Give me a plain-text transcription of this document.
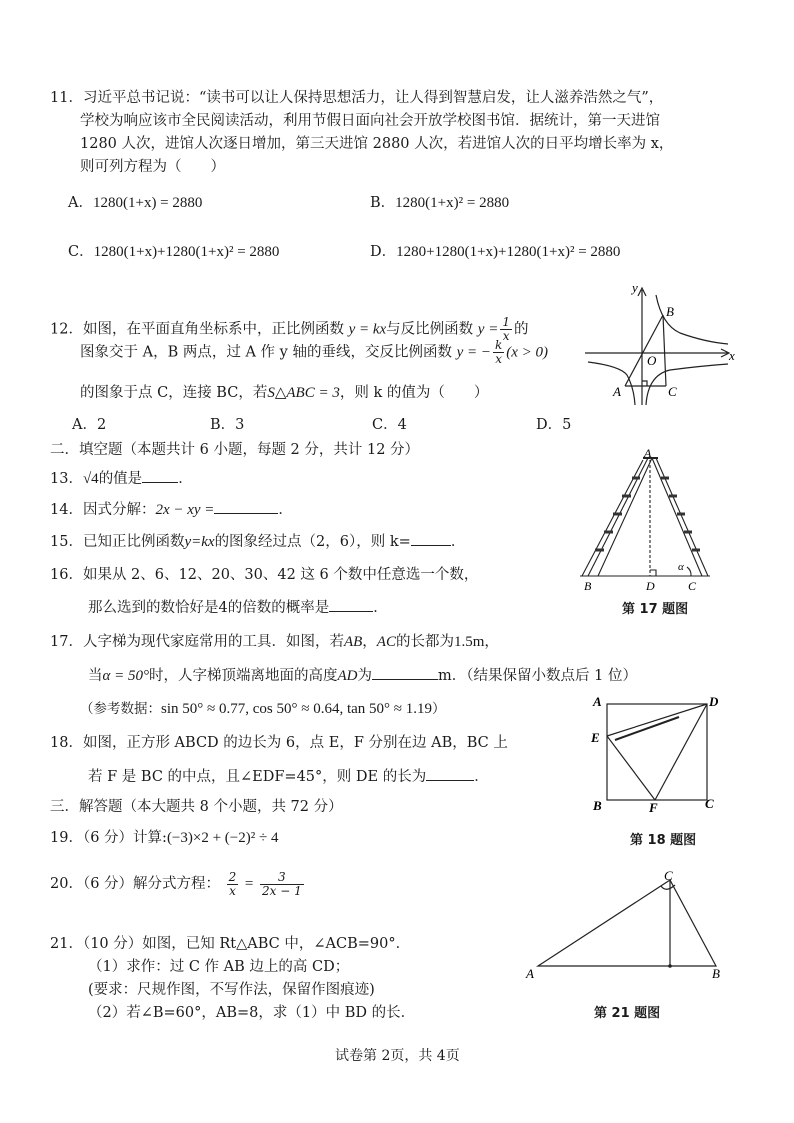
11．习近平总书记说：“读书可以让人保持思想活力，让人得到智慧启发，让人滋养浩然之气”，
学校为响应该市全民阅读活动，利用节假日面向社会开放学校图书馆．据统计，第一天进馆
1280 人次，进馆人次逐日增加，第三天进馆 2880 人次，若进馆人次的日平均增长率为 x，
则可列方程为（　　）
A．1280(1+x) = 2880	B．1280(1+x)² = 2880
C．1280(1+x)+1280(1+x)² = 2880	D．1280+1280(1+x)+1280(1+x)² = 2880
12．如图，在平面直角坐标系中，正比例函数 y = kx与反比例函数 $y = \frac{1}{x}$ 的
图象交于 A，B 两点，过 A 作 y 轴的垂线，交反比例函数 y = − $\frac{k}{x} (x > 0)$
的图象于点 C，连接 BC，若S△ABC = 3，则 k 的值为（　　）
A．2	B．3	C．4	D．5
y
x
B
O
A	C
二．填空题（本题共计 6 小题，每题 2 分，共计 12 分）
13．√4的值是 ．
14．因式分解：2x − xy =	．
15．已知正比例函数y=kx的图象经过点（2，6），则 k=	．
16．如果从 2、6、12、20、30、42 这 6 个数中任意选一个数，
那么选到的数恰好是4的倍数的概率是	．
A
B	D	C
α
第 17 题图
17．人字梯为现代家庭常用的工具．如图，若AB，AC的长都为1.5m，
当α = 50°时，人字梯顶端离地面的高度AD为	m．（结果保留小数点后 1 位）
（参考数据：sin 50° ≈ 0.77, cos 50° ≈ 0.64, tan 50° ≈ 1.19）	A	D
E
B	F	C
第 18 题图
18．如图，正方形 ABCD 的边长为 6，点 E，F 分别在边 AB，BC 上
若 F 是 BC 的中点，且∠EDF=45°，则 DE 的长为	．
三．解答题（本大题共 8 个小题，共 72 分）
19．（6 分）计算:(−3)×2 + (−2)² ÷ 4
20．（6 分）解分式方程： $\frac{2}{x} = \frac{3}{2x - 1}$	C
A	B
第 21 题图
21．（10 分）如图，已知 Rt△ABC 中，∠ACB=90°．
（1）求作：过 C 作 AB 边上的高 CD；
(要求：尺规作图，不写作法，保留作图痕迹)
（2）若∠B=60°，AB=8，求（1）中 BD 的长．
试卷第 2页，共 4页
